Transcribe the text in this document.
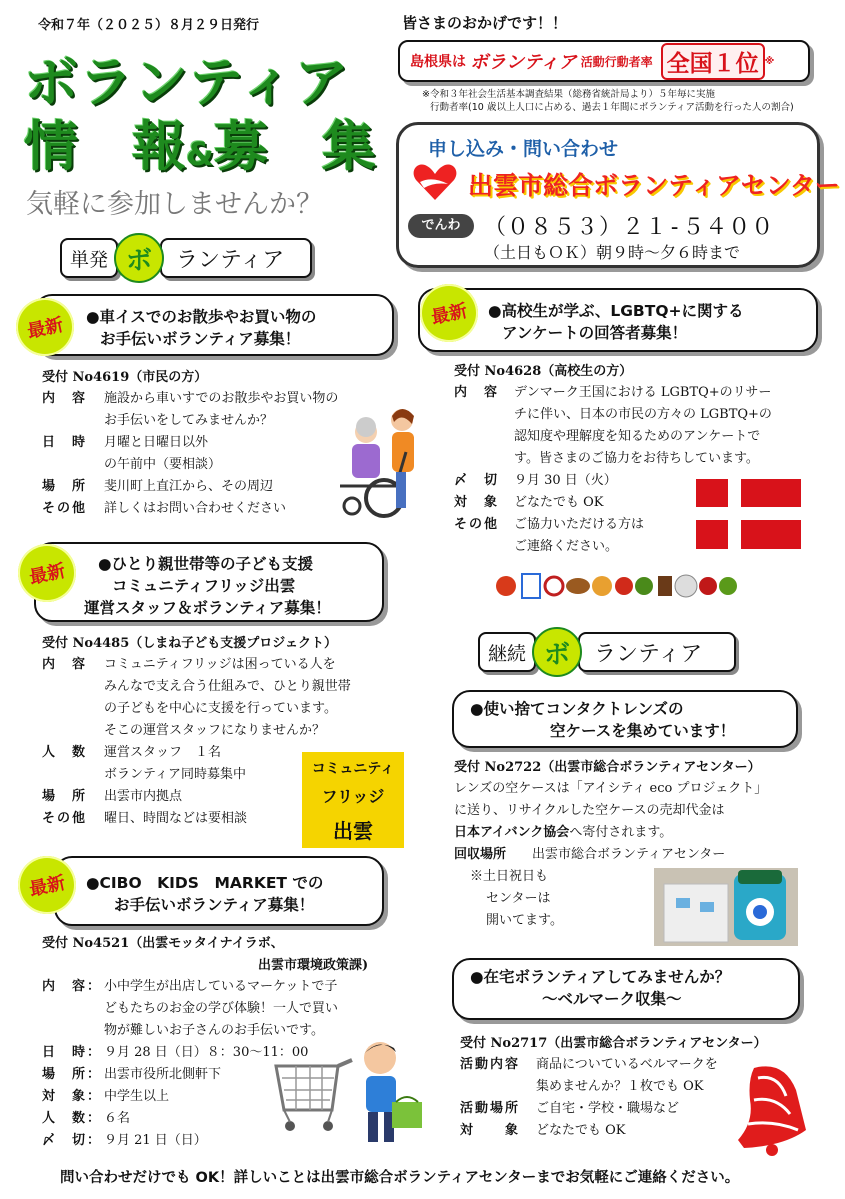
令和７年（２０２５）８月２９日発行
ボランティア
情　報&募　集
気軽に参加しませんか？
皆さまのおかげです！！
島根県は ボランティア 活動行動者率 全国１位 ※
※令和３年社会生活基本調査結果（総務省統計局より）５年毎に実施
行動者率(10 歳以上人口に占める、過去１年間にボランティア活動を行った人の割合)
申し込み・問い合わせ
出雲市総合ボランティアセンター
でんわ	（０８５３）２１-５４００
（土日もＯＫ）朝９時～夕６時まで
単発 ボ	ランティア
●車イスでのお散歩やお買い物の
お手伝いボランティア募集！
最新
受付 No4619（市民の方）
内　容	施設から車いすでのお散歩やお買い物の
お手伝いをしてみませんか？
日　時	月曜と日曜日以外
の午前中（要相談）
場　所	斐川町上直江から、その周辺
その他	詳しくはお問い合わせください
●高校生が学ぶ、LGBTQ+に関する
アンケートの回答者募集！
最新
受付 No4628（高校生の方）
内　容	デンマーク王国における LGBTQ+のリサー
チに伴い、日本の市民の方々の LGBTQ+の
認知度や理解度を知るためのアンケートで
す。皆さまのご協力をお待ちしています。
〆　切	９月 30 日（火）
対　象	どなたでも OK
その他	ご協力いただける方は
ご連絡ください。
●ひとり親世帯等の子ども支援
コミュニティフリッジ出雲
運営スタッフ＆ボランティア募集！
最新
受付 No4485（しまね子ども支援プロジェクト）
内　容	コミュニティフリッジは困っている人を
みんなで支え合う仕組みで、ひとり親世帯
の子どもを中心に支援を行っています。
そこの運営スタッフになりませんか？
人　数	運営スタッフ　１名
ボランティア同時募集中
場　所	出雲市内拠点
その他	曜日、時間などは要相談
コミュニティ
フリッジ
出雲
●CIBO　KIDS　MARKET での
お手伝いボランティア募集！
最新
受付 No4521（出雲モッタイナイラボ、
出雲市環境政策課)
内　容： 小中学生が出店しているマーケットで子
どもたちのお金の学び体験！一人で買い
物が難しいお子さんのお手伝いです。
日　時： ９月 28 日（日）８：30～11：00
場　所： 出雲市役所北側軒下
対　象： 中学生以上
人　数： ６名
〆　切： ９月 21 日（日）
継続 ボ	ランティア
●使い捨てコンタクトレンズの
空ケースを集めています！
受付 No2722（出雲市総合ボランティアセンター）
レンズの空ケースは「アイシティ eco プロジェクト」
に送り、リサイクルした空ケースの売却代金は
日本アイバンク協会へ寄付されます。
回収場所	出雲市総合ボランティアセンター
※土日祝日も
センターは
開いてます。
●在宅ボランティアしてみませんか？
～ベルマーク収集～
受付 No2717（出雲市総合ボランティアセンター）
活動内容	商品についているベルマークを
集めませんか？１枚でも OK
活動場所	ご自宅・学校・職場など
対　　象	どなたでも OK
問い合わせだけでも OK！詳しいことは出雲市総合ボランティアセンターまでお気軽にご連絡ください。
